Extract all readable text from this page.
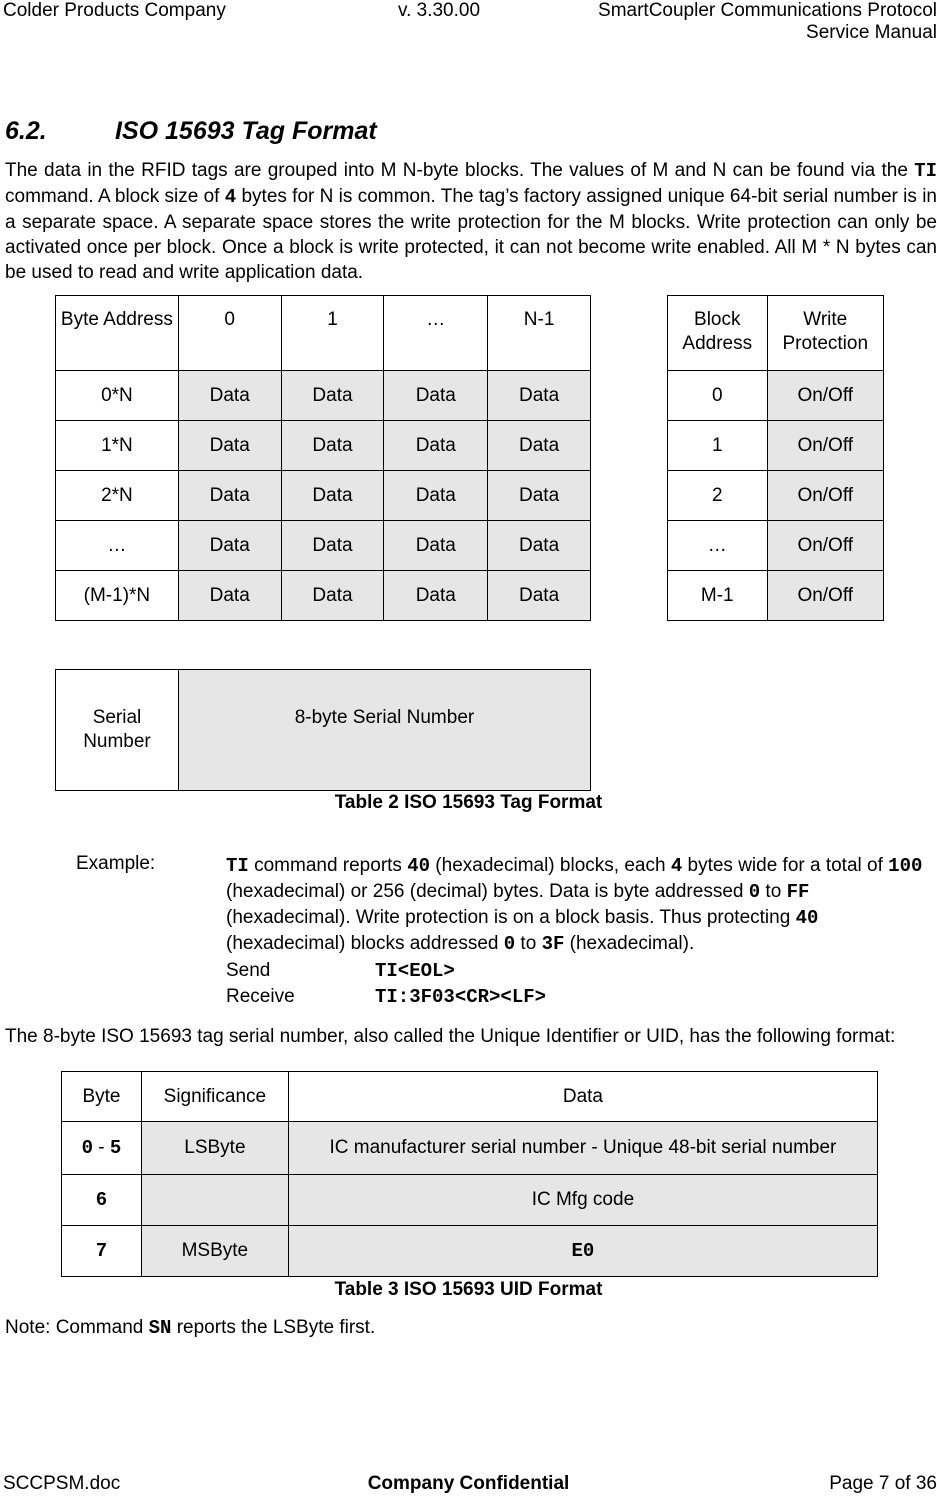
Colder Products Company	v. 3.30.00	SmartCoupler Communications Protocol
Service Manual
6.2.	ISO 15693 Tag Format
The data in the RFID tags are grouped into M N-byte blocks. The values of M and N can be found via the TI command. A block size of 4 bytes for N is common. The tag’s factory assigned unique 64-bit serial number is in a separate space. A separate space stores the write protection for the M blocks. Write protection can only be activated once per block. Once a block is write protected, it can not become write enabled. All M * N bytes can be used to read and write application data.
Byte Address	0	1	…	N-1
0*N	Data	Data	Data	Data
1*N	Data	Data	Data	Data
2*N	Data	Data	Data	Data
…	Data	Data	Data	Data
(M-1)*N	Data	Data	Data	Data
Block Address	Write Protection
0	On/Off
1	On/Off
2	On/Off
…	On/Off
M-1	On/Off
Serial Number	8-byte Serial Number
Table 2 ISO 15693 Tag Format
Example:	TI command reports 40 (hexadecimal) blocks, each 4 bytes wide for a total of 100 (hexadecimal) or 256 (decimal) bytes. Data is byte addressed 0 to FF (hexadecimal). Write protection is on a block basis. Thus protecting 40 (hexadecimal) blocks addressed 0 to 3F (hexadecimal).
Send	TI<EOL>
Receive	TI:3F03<CR><LF>
The 8-byte ISO 15693 tag serial number, also called the Unique Identifier or UID, has the following format:
Byte	Significance	Data
0 - 5	LSByte	IC manufacturer serial number - Unique 48-bit serial number
6		IC Mfg code
7	MSByte	E0
Table 3 ISO 15693 UID Format
Note: Command SN reports the LSByte first.
SCCPSM.doc	Company Confidential	Page 7 of 36
